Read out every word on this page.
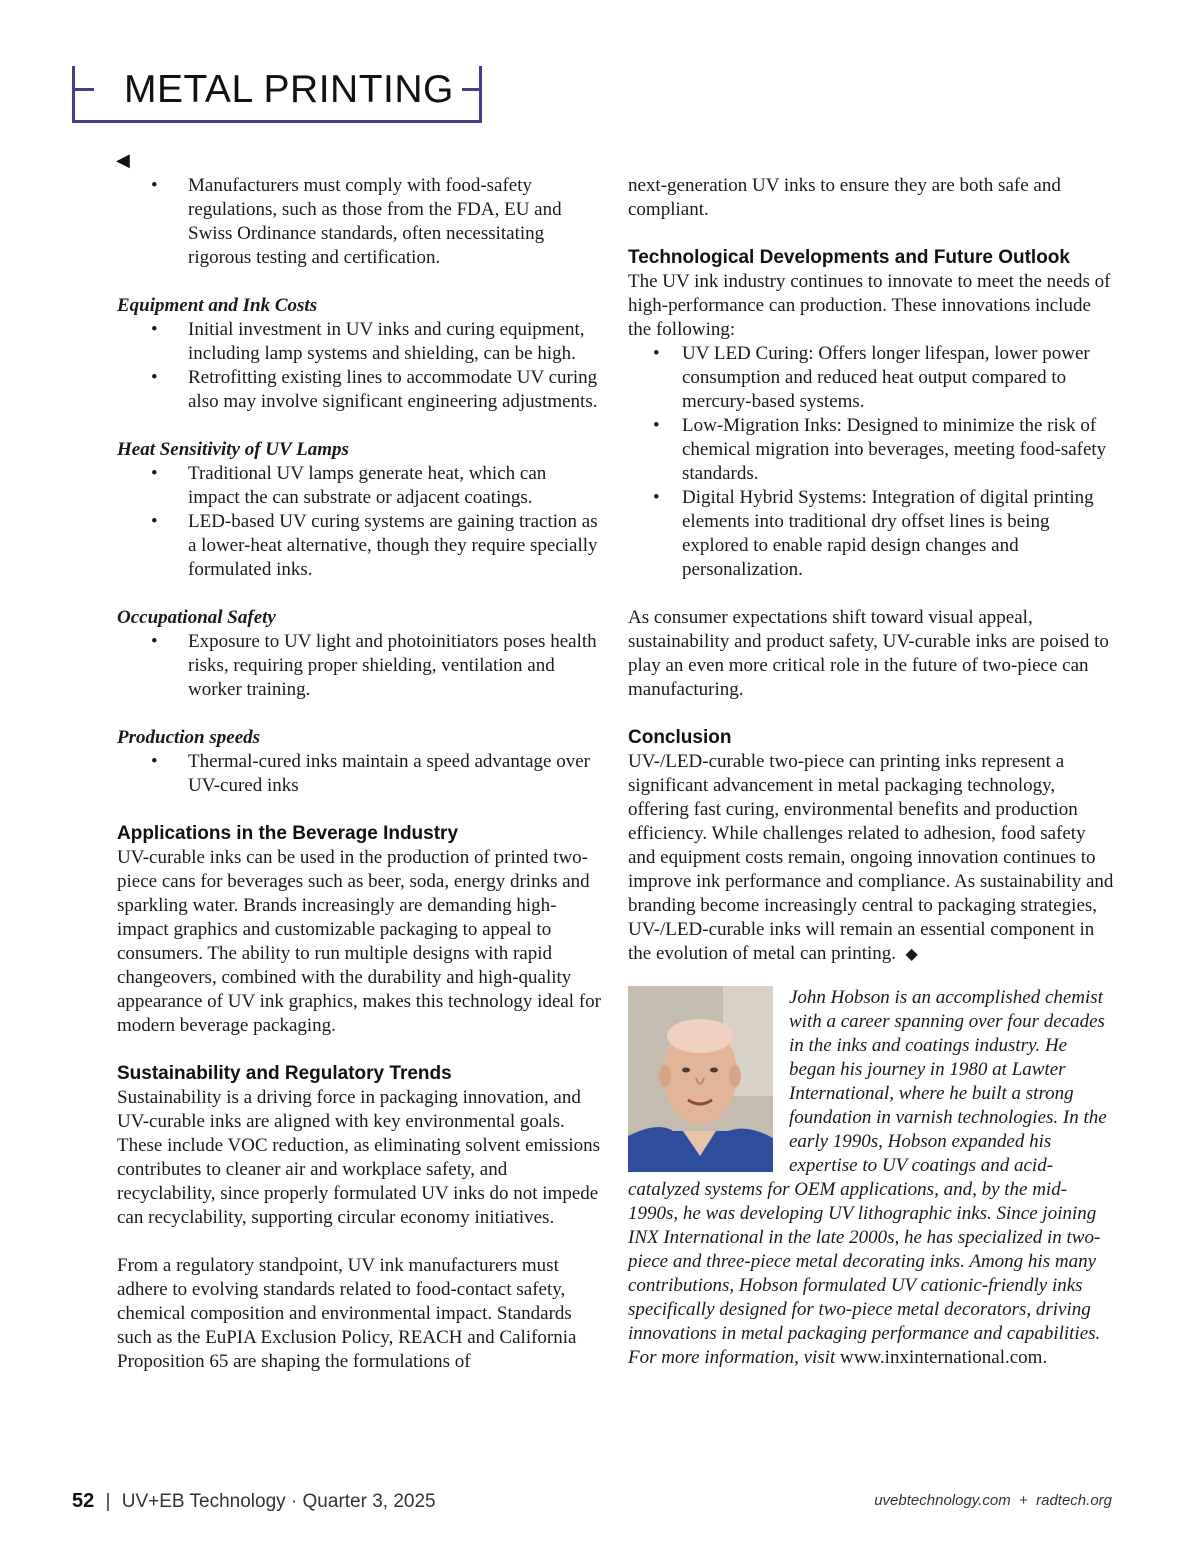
METAL PRINTING
◀
• Manufacturers must comply with food-safety regulations, such as those from the FDA, EU and Swiss Ordinance standards, often necessitating rigorous testing and certification.

Equipment and Ink Costs

• Initial investment in UV inks and curing equipment, including lamp systems and shielding, can be high.
• Retrofitting existing lines to accommodate UV curing also may involve significant engineering adjustments.

Heat Sensitivity of UV Lamps

• Traditional UV lamps generate heat, which can impact the can substrate or adjacent coatings.
• LED-based UV curing systems are gaining traction as a lower-heat alternative, though they require specially formulated inks.

Occupational Safety

• Exposure to UV light and photoinitiators poses health risks, requiring proper shielding, ventilation and worker training.

Production speeds

• Thermal-cured inks maintain a speed advantage over UV-cured inks

Applications in the Beverage Industry

UV-curable inks can be used in the production of printed two-piece cans for beverages such as beer, soda, energy drinks and sparkling water. Brands increasingly are demanding high-impact graphics and customizable packaging to appeal to consumers. The ability to run multiple designs with rapid changeovers, combined with the durability and high-quality appearance of UV ink graphics, makes this technology ideal for modern beverage packaging.

Sustainability and Regulatory Trends

Sustainability is a driving force in packaging innovation, and UV-curable inks are aligned with key environmental goals. These include VOC reduction, as eliminating solvent emissions contributes to cleaner air and workplace safety, and recyclability, since properly formulated UV inks do not impede can recyclability, supporting circular economy initiatives.

From a regulatory standpoint, UV ink manufacturers must adhere to evolving standards related to food-contact safety, chemical composition and environmental impact. Standards such as the EuPIA Exclusion Policy, REACH and California Proposition 65 are shaping the formulations of

next-generation UV inks to ensure they are both safe and compliant.

Technological Developments and Future Outlook

The UV ink industry continues to innovate to meet the needs of high-performance can production. These innovations include the following:

• UV LED Curing: Offers longer lifespan, lower power consumption and reduced heat output compared to mercury-based systems.
• Low-Migration Inks: Designed to minimize the risk of chemical migration into beverages, meeting food-safety standards.
• Digital Hybrid Systems: Integration of digital printing elements into traditional dry offset lines is being explored to enable rapid design changes and personalization.

As consumer expectations shift toward visual appeal, sustainability and product safety, UV-curable inks are poised to play an even more critical role in the future of two-piece can manufacturing.

Conclusion

UV-/LED-curable two-piece can printing inks represent a significant advancement in metal packaging technology, offering fast curing, environmental benefits and production efficiency. While challenges related to adhesion, food safety and equipment costs remain, ongoing innovation continues to improve ink performance and compliance. As sustainability and branding become increasingly central to packaging strategies, UV-/LED-curable inks will remain an essential component in the evolution of metal can printing. ◆

John Hobson is an accomplished chemist with a career spanning over four decades in the inks and coatings industry. He began his journey in 1980 at Lawter International, where he built a strong foundation in varnish technologies. In the early 1990s, Hobson expanded his expertise to UV coatings and acid-catalyzed systems for OEM applications, and, by the mid-1990s, he was developing UV lithographic inks. Since joining INX International in the late 2000s, he has specialized in two-piece and three-piece metal decorating inks. Among his many contributions, Hobson formulated UV cationic-friendly inks specifically designed for two-piece metal decorators, driving innovations in metal packaging performance and capabilities. For more information, visit www.inxinternational.com.
52 | UV+EB Technology · Quarter 3, 2025	uvebtechnology.com  +  radtech.org
